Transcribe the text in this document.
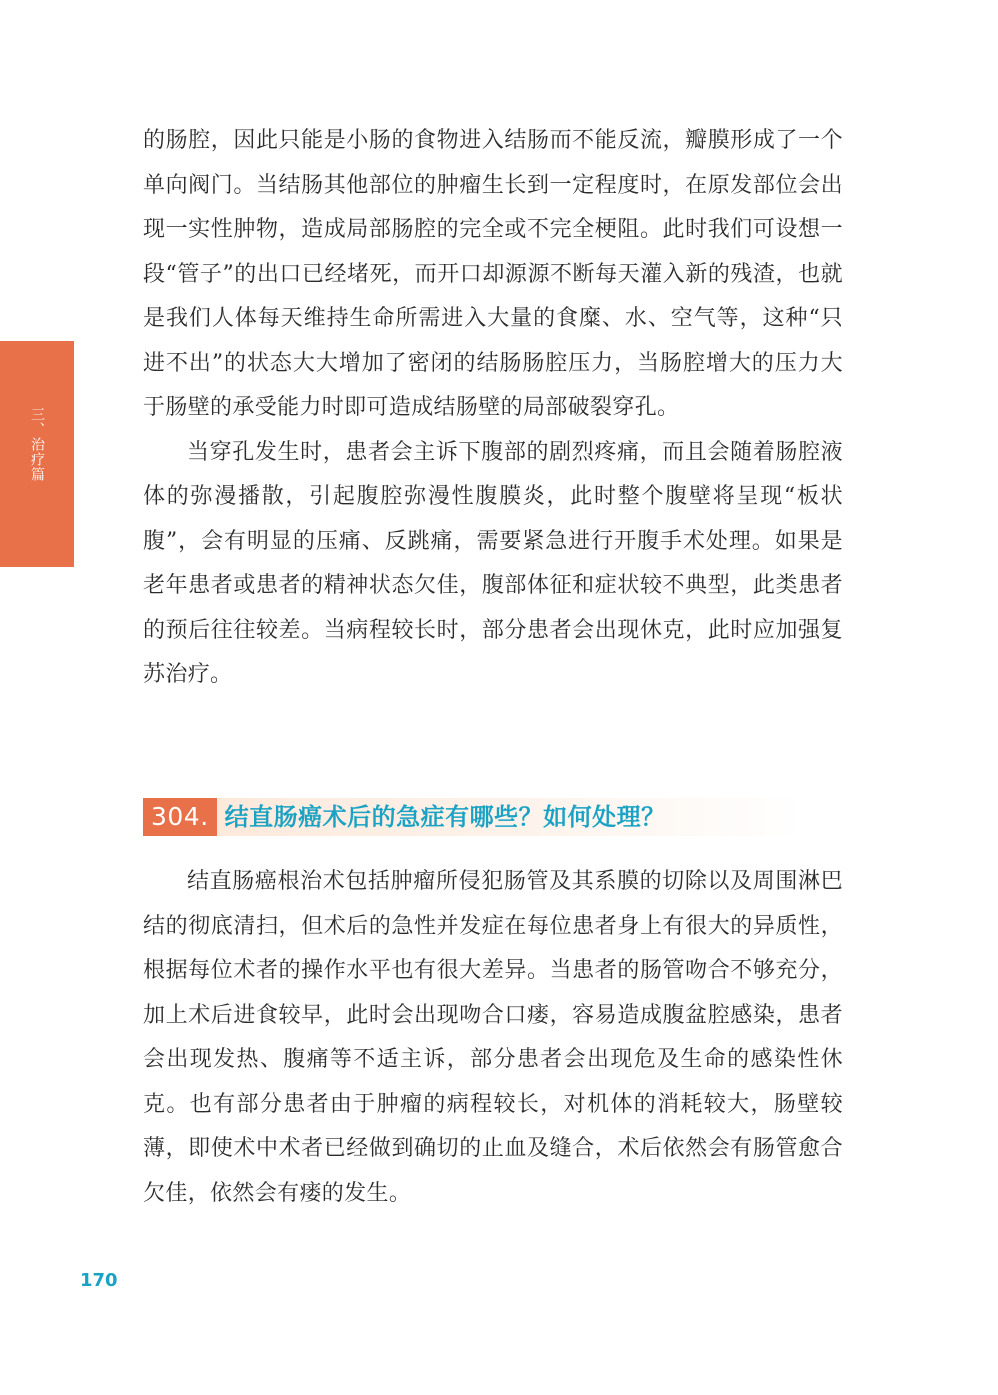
三、治疗篇

的肠腔，因此只能是小肠的食物进入结肠而不能反流，瓣膜形成了一个单向阀门。当结肠其他部位的肿瘤生长到一定程度时，在原发部位会出现一实性肿物，造成局部肠腔的完全或不完全梗阻。此时我们可设想一段“管子”的出口已经堵死，而开口却源源不断每天灌入新的残渣，也就是我们人体每天维持生命所需进入大量的食糜、水、空气等，这种“只进不出”的状态大大增加了密闭的结肠肠腔压力，当肠腔增大的压力大于肠壁的承受能力时即可造成结肠壁的局部破裂穿孔。

当穿孔发生时，患者会主诉下腹部的剧烈疼痛，而且会随着肠腔液体的弥漫播散，引起腹腔弥漫性腹膜炎，此时整个腹壁将呈现“板状腹”，会有明显的压痛、反跳痛，需要紧急进行开腹手术处理。如果是老年患者或患者的精神状态欠佳，腹部体征和症状较不典型，此类患者的预后往往较差。当病程较长时，部分患者会出现休克，此时应加强复苏治疗。

304. 结直肠癌术后的急症有哪些？如何处理？

结直肠癌根治术包括肿瘤所侵犯肠管及其系膜的切除以及周围淋巴结的彻底清扫，但术后的急性并发症在每位患者身上有很大的异质性，根据每位术者的操作水平也有很大差异。当患者的肠管吻合不够充分，加上术后进食较早，此时会出现吻合口瘘，容易造成腹盆腔感染，患者会出现发热、腹痛等不适主诉，部分患者会出现危及生命的感染性休克。也有部分患者由于肿瘤的病程较长，对机体的消耗较大，肠壁较薄，即使术中术者已经做到确切的止血及缝合，术后依然会有肠管愈合欠佳，依然会有瘘的发生。

170
